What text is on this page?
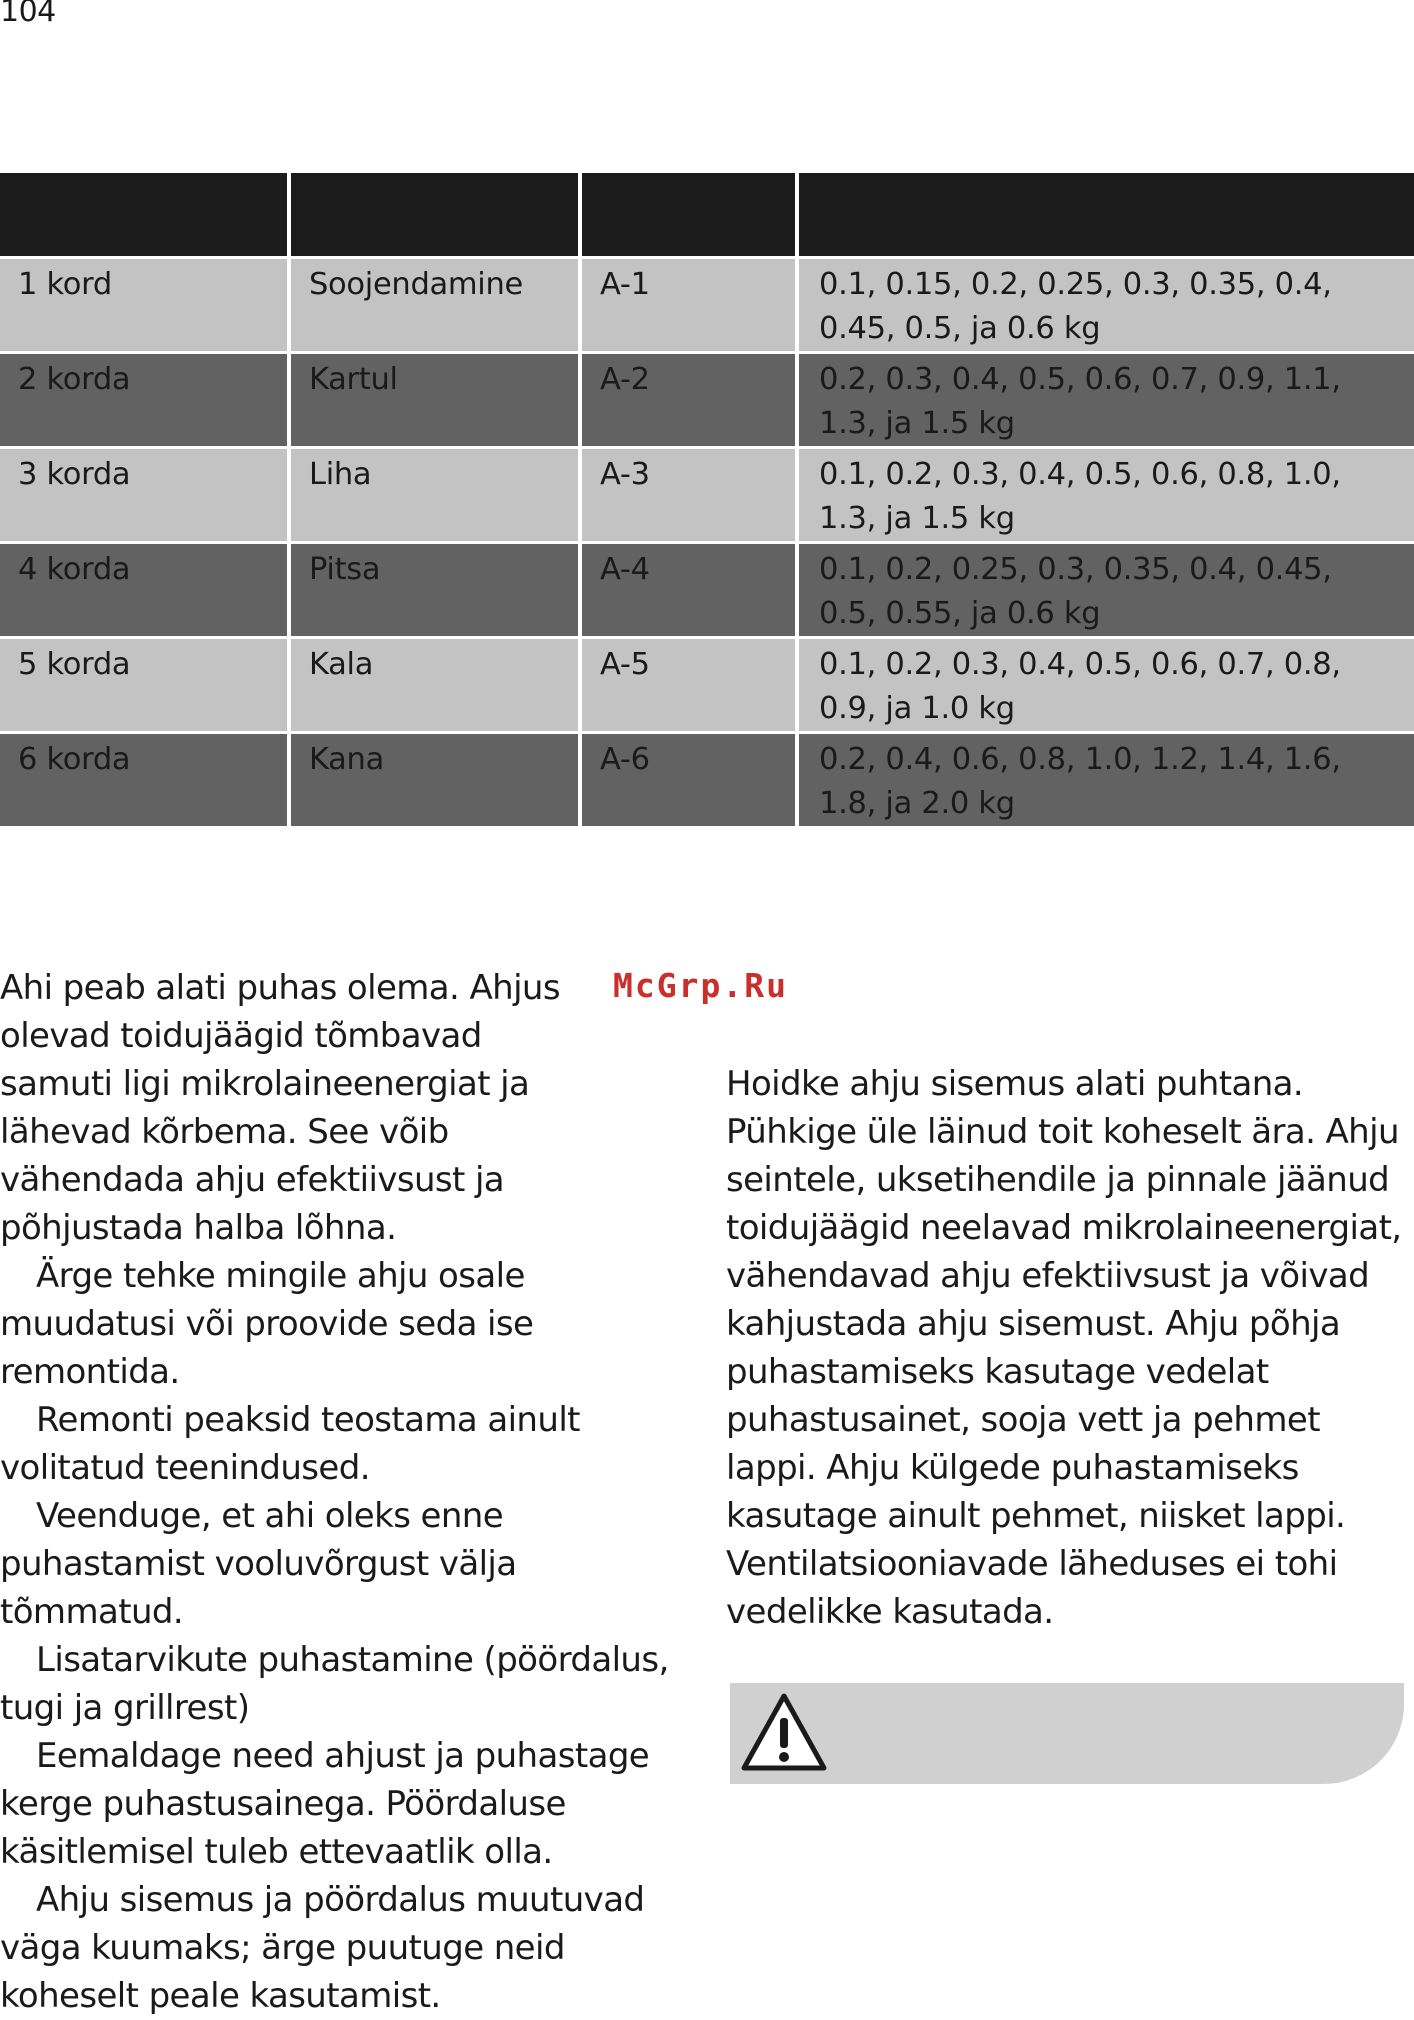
104

1 kord	Soojendamine	A-1	0.1, 0.15, 0.2, 0.25, 0.3, 0.35, 0.4, 0.45, 0.5, ja 0.6 kg
2 korda	Kartul	A-2	0.2, 0.3, 0.4, 0.5, 0.6, 0.7, 0.9, 1.1, 1.3, ja 1.5 kg
3 korda	Liha	A-3	0.1, 0.2, 0.3, 0.4, 0.5, 0.6, 0.8, 1.0, 1.3, ja 1.5 kg
4 korda	Pitsa	A-4	0.1, 0.2, 0.25, 0.3, 0.35, 0.4, 0.45, 0.5, 0.55, ja 0.6 kg
5 korda	Kala	A-5	0.1, 0.2, 0.3, 0.4, 0.5, 0.6, 0.7, 0.8, 0.9, ja 1.0 kg
6 korda	Kana	A-6	0.2, 0.4, 0.6, 0.8, 1.0, 1.2, 1.4, 1.6, 1.8, ja 2.0 kg
McGrp.Ru

Ahi peab alati puhas olema. Ahjus olevad toidujäägid tõmbavad samuti ligi mikrolaineenergiat ja lähevad kõrbema. See võib vähendada ahju efektiivsust ja põhjustada halba lõhna.

Ärge tehke mingile ahju osale muudatusi või proovide seda ise remontida.

Remonti peaksid teostama ainult volitatud teenindused.

Veenduge, et ahi oleks enne puhastamist vooluvõrgust välja tõmmatud.

Lisatarvikute puhastamine (pöördalus, tugi ja grillrest)

Eemaldage need ahjust ja puhastage kerge puhastusainega. Pöördaluse käsitlemisel tuleb ettevaatlik olla.

Ahju sisemus ja pöördalus muutuvad väga kuumaks; ärge puutuge neid koheselt peale kasutamist.

Hoidke ahju sisemus alati puhtana. Pühkige üle läinud toit koheselt ära. Ahju seintele, uksetihendile ja pinnale jäänud toidujäägid neelavad mikrolaineenergiat, vähendavad ahju efektiivsust ja võivad kahjustada ahju sisemust. Ahju põhja puhastamiseks kasutage vedelat puhastusainet, sooja vett ja pehmet lappi. Ahju külgede puhastamiseks kasutage ainult pehmet, niisket lappi. Ventilatsiooniavade läheduses ei tohi vedelikke kasutada.
